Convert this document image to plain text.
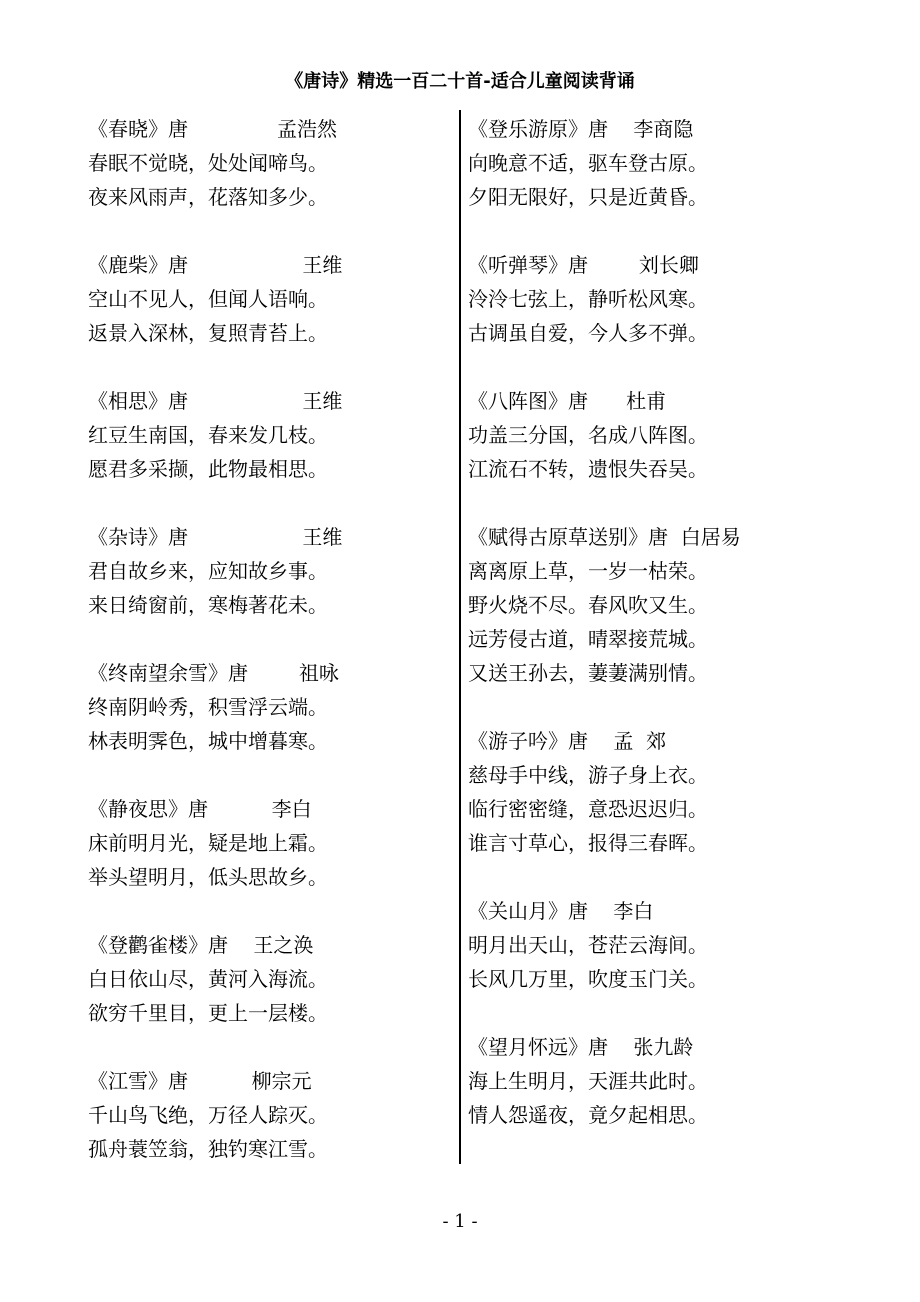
《唐诗》精选一百二十首-适合儿童阅读背诵

《春晓》唐              孟浩然

春眠不觉晓，处处闻啼鸟。

夜来风雨声，花落知多少。

《鹿柴》唐                  王维

空山不见人，但闻人语响。

返景入深林，复照青苔上。

《相思》唐                  王维

红豆生南国，春来发几枝。

愿君多采撷，此物最相思。

《杂诗》唐                  王维

君自故乡来，应知故乡事。

来日绮窗前，寒梅著花未。

《终南望余雪》唐        祖咏

终南阴岭秀，积雪浮云端。

林表明霁色，城中增暮寒。

《静夜思》唐          李白

床前明月光，疑是地上霜。

举头望明月，低头思故乡。

《登鹳雀楼》唐    王之涣

白日依山尽，黄河入海流。

欲穷千里目，更上一层楼。

《江雪》唐          柳宗元

千山鸟飞绝，万径人踪灭。

孤舟蓑笠翁，独钓寒江雪。

《登乐游原》唐    李商隐

向晚意不适，驱车登古原。

夕阳无限好，只是近黄昏。

《听弹琴》唐        刘长卿

泠泠七弦上，静听松风寒。

古调虽自爱，今人多不弹。

《八阵图》唐      杜甫

功盖三分国，名成八阵图。

江流石不转，遗恨失吞吴。

《赋得古原草送别》唐  白居易

离离原上草，一岁一枯荣。

野火烧不尽。春风吹又生。

远芳侵古道，晴翠接荒城。

又送王孙去，萋萋满别情。

《游子吟》唐    孟  郊

慈母手中线，游子身上衣。

临行密密缝，意恐迟迟归。

谁言寸草心，报得三春晖。

《关山月》唐    李白

明月出天山，苍茫云海间。

长风几万里，吹度玉门关。

《望月怀远》唐    张九龄

海上生明月，天涯共此时。

情人怨遥夜，竟夕起相思。

- 1 -
